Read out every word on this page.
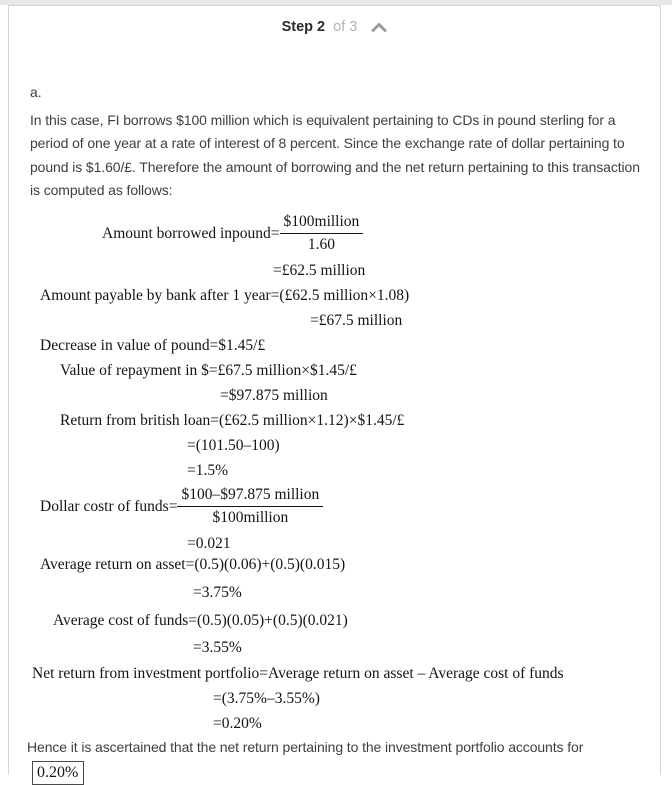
Step 2 of 3
a.
In this case, FI borrows $100 million which is equivalent pertaining to CDs in pound sterling for a period of one year at a rate of interest of 8 percent. Since the exchange rate of dollar pertaining to pound is $1.60/£. Therefore the amount of borrowing and the net return pertaining to this transaction is computed as follows:
Amount borrowed inpound= $\frac{\text{\$100million}}{1.60}$
=£62.5 million
Amount payable by bank after 1 year=(£62.5 million×1.08)
=£67.5 million
Decrease in value of pound=$1.45/£
Value of repayment in $=£67.5 million×$1.45/£
=$97.875 million
Return from british loan=(£62.5 million×1.12)×$1.45/£
=(101.50–100)
=1.5%
Dollar costr of funds= $\frac{\text{\$100–\$97.875 million}}{\text{\$100million}}$
=0.021
Average return on asset=(0.5)(0.06)+(0.5)(0.015)
=3.75%
Average cost of funds=(0.5)(0.05)+(0.5)(0.021)
=3.55%
Net return from investment portfolio=Average return on asset – Average cost of funds
=(3.75%–3.55%)
=0.20%
Hence it is ascertained that the net return pertaining to the investment portfolio accounts for
0.20%
